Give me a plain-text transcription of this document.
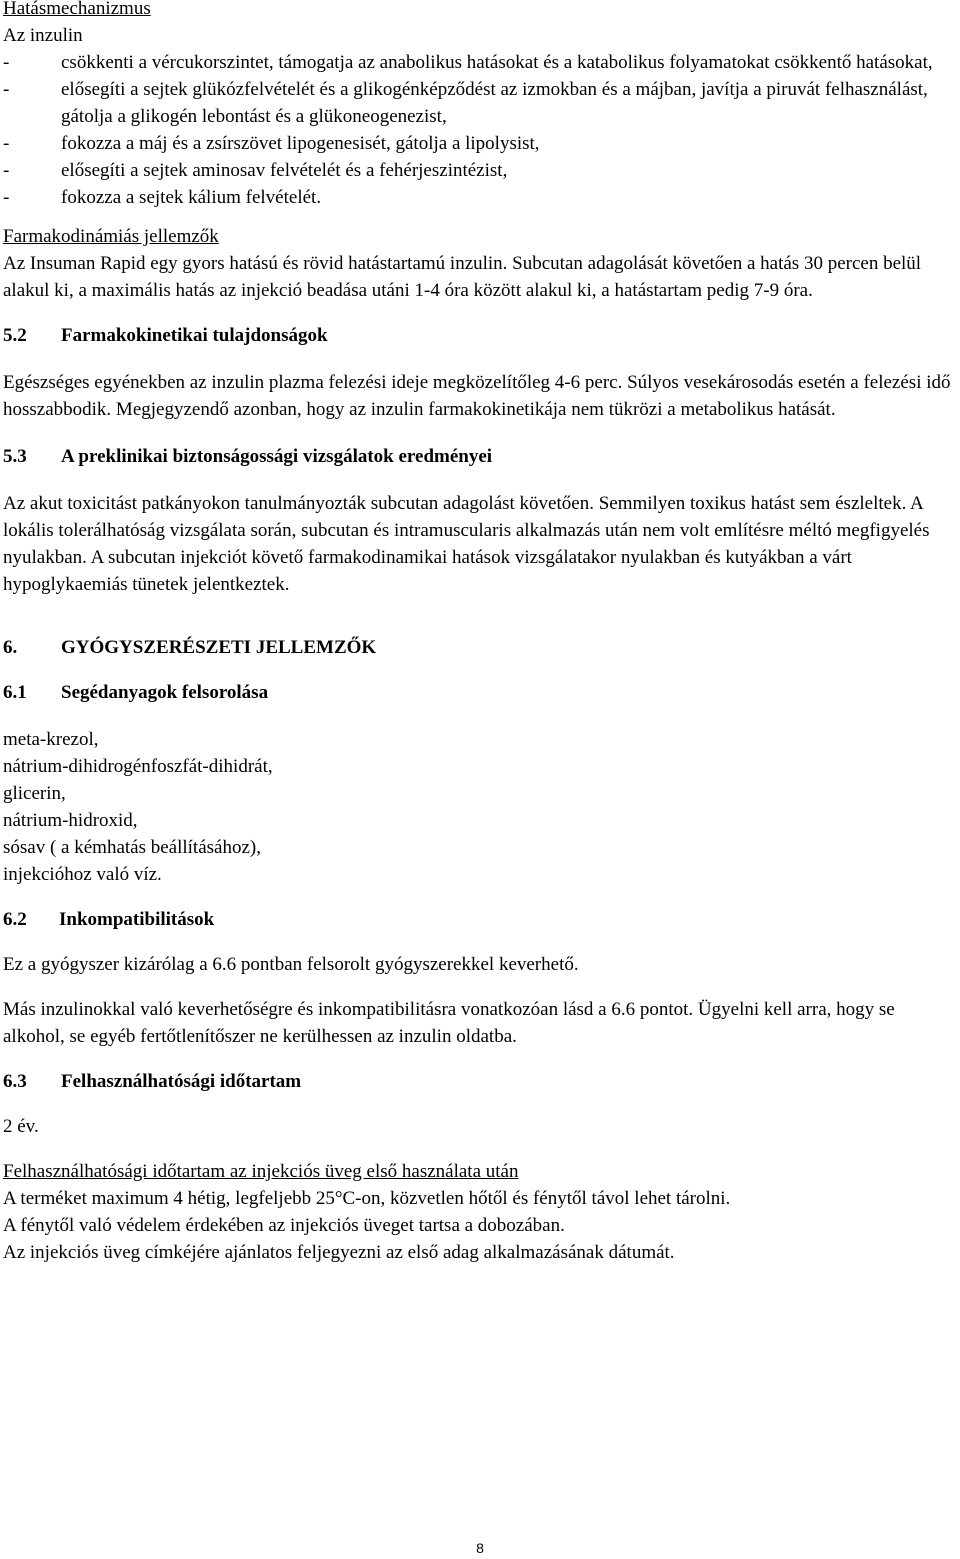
Hatásmechanizmus

Az inzulin

-	csökkenti a vércukorszintet, támogatja az anabolikus hatásokat és a katabolikus folyamatokat csökkentő hatásokat,
-	elősegíti a sejtek glükózfelvételét és a glikogénképződést az izmokban és a májban, javítja a piruvát felhasználást, gátolja a glikogén lebontást és a glükoneogenezist,
-	fokozza a máj és a zsírszövet lipogenesisét, gátolja a lipolysist,
-	elősegíti a sejtek aminosav felvételét és a fehérjeszintézist,
-	fokozza a sejtek kálium felvételét.

Farmakodinámiás jellemzők

Az Insuman Rapid egy gyors hatású és rövid hatástartamú inzulin. Subcutan adagolását követően a hatás 30 percen belül alakul ki, a maximális hatás az injekció beadása utáni 1-4 óra között alakul ki, a hatástartam pedig 7-9 óra.

5.2 Farmakokinetikai tulajdonságok

Egészséges egyénekben az inzulin plazma felezési ideje megközelítőleg 4-6 perc. Súlyos vesekárosodás esetén a felezési idő hosszabbodik. Megjegyzendő azonban, hogy az inzulin farmakokinetikája nem tükrözi a metabolikus hatását.

5.3 A preklinikai biztonságossági vizsgálatok eredményei

Az akut toxicitást patkányokon tanulmányozták subcutan adagolást követően. Semmilyen toxikus hatást sem észleltek. A lokális tolerálhatóság vizsgálata során, subcutan és intramuscularis alkalmazás után nem volt említésre méltó megfigyelés nyulakban. A subcutan injekciót követő farmakodinamikai hatások vizsgálatakor nyulakban és kutyákban a várt hypoglykaemiás tünetek jelentkeztek.

6. GYÓGYSZERÉSZETI JELLEMZŐK

6.1 Segédanyagok felsorolása

meta-krezol,

nátrium-dihidrogénfoszfát-dihidrát,

glicerin,

nátrium-hidroxid,

sósav ( a kémhatás beállításához),

injekcióhoz való víz.

6.2 Inkompatibilitások

Ez a gyógyszer kizárólag a 6.6 pontban felsorolt gyógyszerekkel keverhető.

Más inzulinokkal való keverhetőségre és inkompatibilitásra vonatkozóan lásd a 6.6 pontot. Ügyelni kell arra, hogy se alkohol, se egyéb fertőtlenítőszer ne kerülhessen az inzulin oldatba.

6.3 Felhasználhatósági időtartam

2 év.

Felhasználhatósági időtartam az injekciós üveg első használata után

A terméket maximum 4 hétig, legfeljebb 25°C-on, közvetlen hőtől és fénytől távol lehet tárolni.

A fénytől való védelem érdekében az injekciós üveget tartsa a dobozában.

Az injekciós üveg címkéjére ajánlatos feljegyezni az első adag alkalmazásának dátumát.

8
